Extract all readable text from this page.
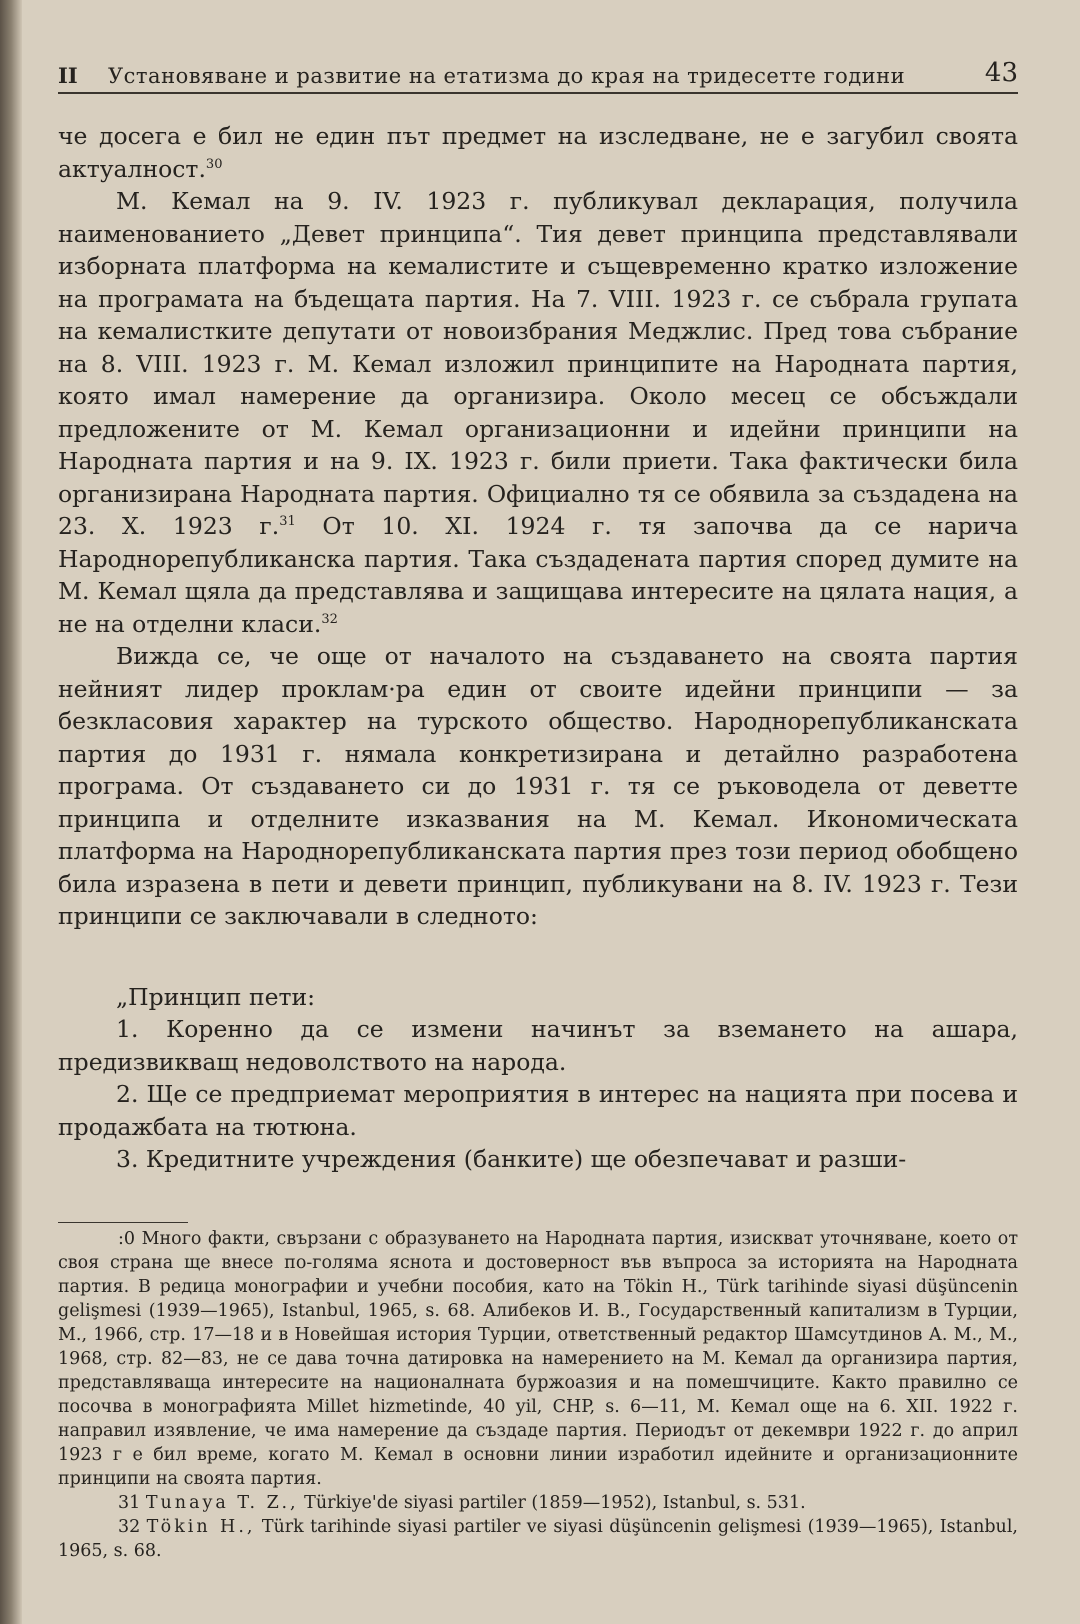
II	Установяване и развитие на етатизма до края на тридесетте години	43

че досега е бил не един път предмет на изследване, не е загубил своята актуалност.$^{30}$

М. Кемал на 9. IV. 1923 г. публикувал декларация, получила наименованието „Девет принципа“. Тия девет принципа представлявали изборната платформа на кемалистите и същевременно кратко изложение на програмата на бъдещата партия. На 7. VIII. 1923 г. се събрала групата на кемалистките депутати от новоизбрания Меджлис. Пред това събрание на 8. VIII. 1923 г. М. Кемал изложил принципите на Народната партия, която имал намерение да организира. Около месец се обсъждали предложените от М. Кемал организационни и идейни принципи на Народната партия и на 9. IX. 1923 г. били приети. Така фактически била организирана Народната партия. Официално тя се обявила за създадена на 23. X. 1923 г.$^{31}$ От 10. XI. 1924 г. тя започва да се нарича Народнорепубликанска партия. Така създадената партия според думите на М. Кемал щяла да представлява и защищава интересите на цялата нация, а не на отделни класи.$^{32}$

Вижда се, че още от началото на създаването на своята партия нейният лидер проклам·ра един от своите идейни принципи — за безкласовия характер на турското общество. Народнорепубликанската партия до 1931 г. нямала конкретизирана и детайлно разработена програма. От създаването си до 1931 г. тя се ръководела от деветте принципа и отделните изказвания на М. Кемал. Икономическата платформа на Народнорепубликанската партия през този период обобщено била изразена в пети и девети принцип, публикувани на 8. IV. 1923 г. Тези принципи се заключавали в следното:

„Принцип пети:

1. Коренно да се измени начинът за вземането на ашара, предизвикващ недоволството на народа.

2. Ще се предприемат мероприятия в интерес на нацията при посева и продажбата на тютюна.

3. Кредитните учреждения (банките) ще обезпечават и разши-

:0 Много факти, свързани с образуването на Народната партия, изискват уточняване, което от своя страна ще внесе по-голяма яснота и достоверност във въпроса за историята на Народната партия. В редица монографии и учебни пособия, като на Tökin H., Türk tarihinde siyasi düşüncenin gelişmesi (1939—1965), Istanbul, 1965, s. 68. Алибеков И. В., Государственный капитализм в Турции, М., 1966, стр. 17—18 и в Новейшая история Турции, ответственный редактор Шамсутдинов А. М., М., 1968, стр. 82—83, не се дава точна датировка на намерението на М. Кемал да организира партия, представляваща интересите на националната буржоазия и на помешчиците. Както правилно се посочва в монографията Millet hizmetinde, 40 yil, CHP, s. 6—11, М. Кемал още на 6. XII. 1922 г. направил изявление, че има намерение да създаде партия. Периодът от декември 1922 г. до април 1923 г е бил време, когато М. Кемал в основни линии изработил идейните и организационните принципи на своята партия.

31 Tunaya T. Z., Türkiye'de siyasi partiler (1859—1952), Istanbul, s. 531.

32 Tökin H., Türk tarihinde siyasi partiler ve siyasi düşüncenin gelişmesi (1939—1965), Istanbul, 1965, s. 68.
